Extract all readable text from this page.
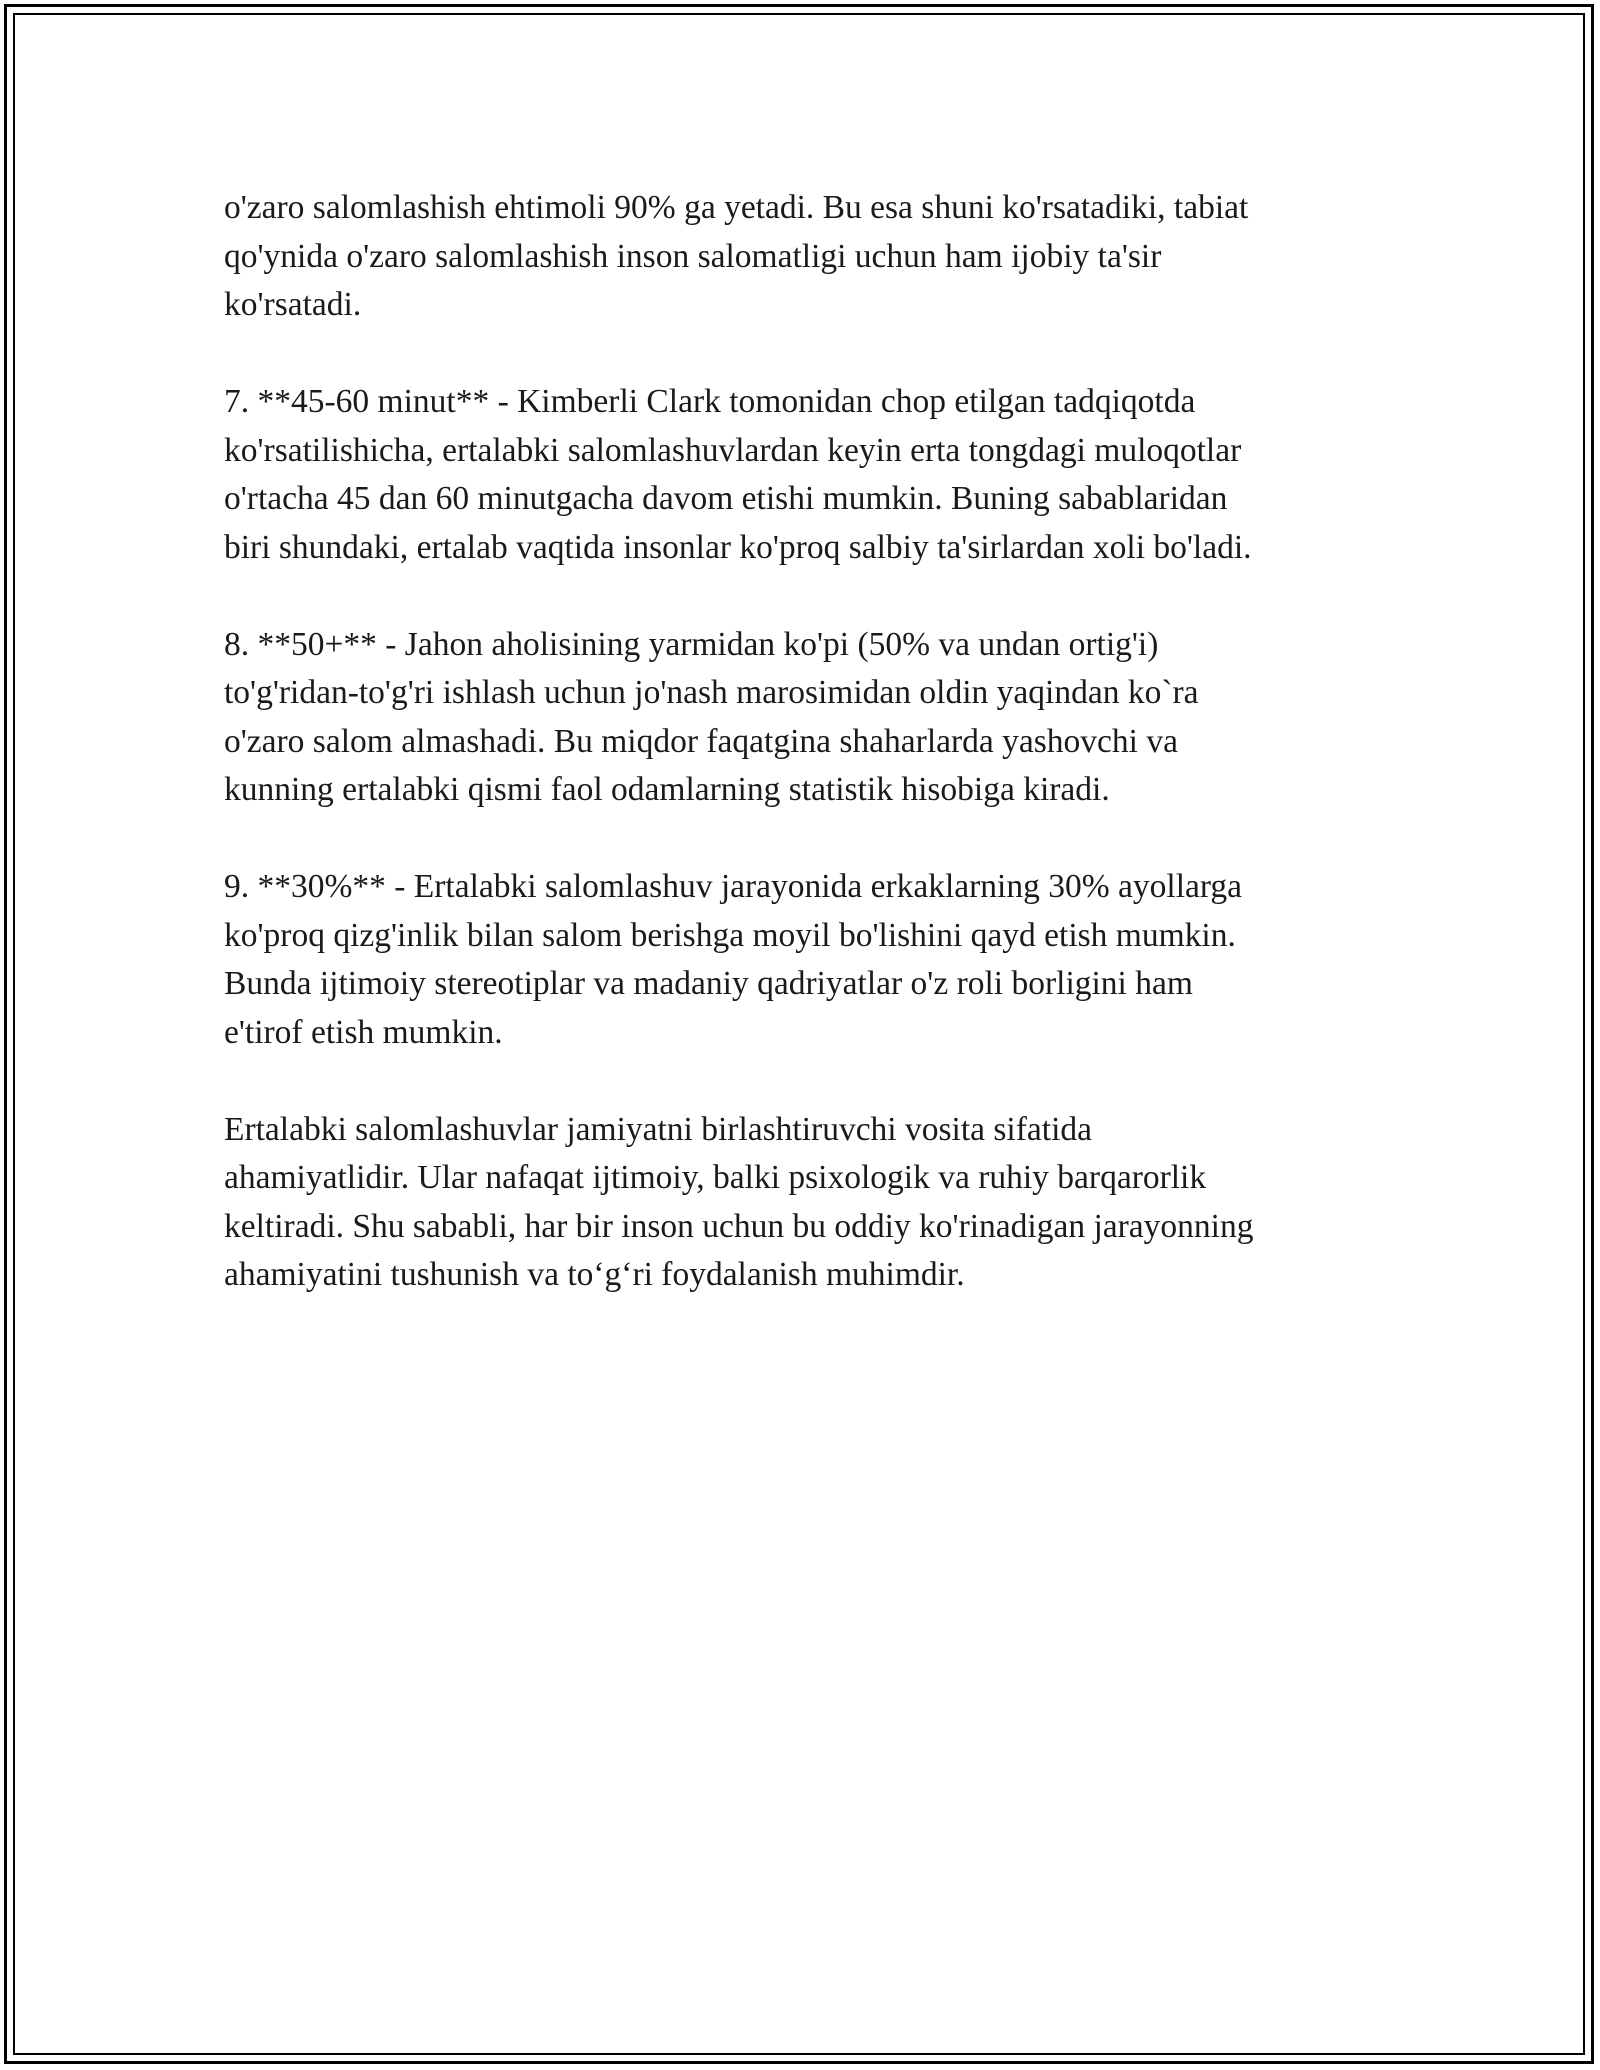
o'zaro salomlashish ehtimoli 90% ga yetadi. Bu esa shuni ko'rsatadiki, tabiat
qo'ynida o'zaro salomlashish inson salomatligi uchun ham ijobiy ta'sir
ko'rsatadi.

7. **45-60 minut** - Kimberli Clark tomonidan chop etilgan tadqiqotda
ko'rsatilishicha, ertalabki salomlashuvlardan keyin erta tongdagi muloqotlar
o'rtacha 45 dan 60 minutgacha davom etishi mumkin. Buning sabablaridan
biri shundaki, ertalab vaqtida insonlar ko'proq salbiy ta'sirlardan xoli bo'ladi.

8. **50+** - Jahon aholisining yarmidan ko'pi (50% va undan ortig'i)
to'g'ridan-to'g'ri ishlash uchun jo'nash marosimidan oldin yaqindan ko`ra
o'zaro salom almashadi. Bu miqdor faqatgina shaharlarda yashovchi va
kunning ertalabki qismi faol odamlarning statistik hisobiga kiradi.

9. **30%** - Ertalabki salomlashuv jarayonida erkaklarning 30% ayollarga
ko'proq qizg'inlik bilan salom berishga moyil bo'lishini qayd etish mumkin.
Bunda ijtimoiy stereotiplar va madaniy qadriyatlar o'z roli borligini ham
e'tirof etish mumkin.

Ertalabki salomlashuvlar jamiyatni birlashtiruvchi vosita sifatida
ahamiyatlidir. Ular nafaqat ijtimoiy, balki psixologik va ruhiy barqarorlik
keltiradi. Shu sababli, har bir inson uchun bu oddiy ko'rinadigan jarayonning
ahamiyatini tushunish va to‘g‘ri foydalanish muhimdir.
